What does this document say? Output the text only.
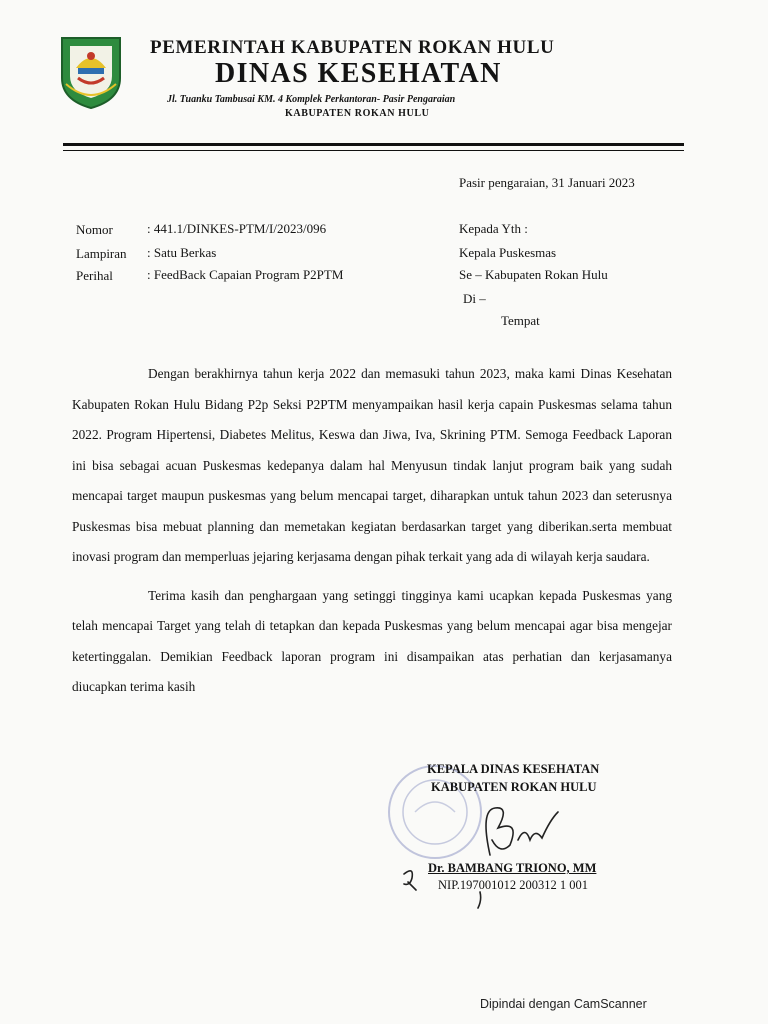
PEMERINTAH KABUPATEN ROKAN HULU
DINAS KESEHATAN
Jl. Tuanku Tambusai KM. 4 Komplek Perkantoran- Pasir Pengaraian
KABUPATEN ROKAN HULU
Pasir pengaraian, 31 Januari 2023
Nomor	: 441.1/DINKES-PTM/I/2023/096
Lampiran : Satu Berkas
Perihal	: FeedBack Capaian Program P2PTM
Kepada Yth :
Kepala Puskesmas
Se – Kabupaten Rokan Hulu
Di –
Tempat

Dengan berakhirnya tahun kerja 2022 dan memasuki tahun 2023, maka kami Dinas Kesehatan Kabupaten Rokan Hulu Bidang P2p Seksi P2PTM menyampaikan hasil kerja capain Puskesmas selama tahun 2022. Program Hipertensi, Diabetes Melitus, Keswa dan Jiwa, Iva, Skrining PTM. Semoga Feedback Laporan ini bisa sebagai acuan Puskesmas kedepanya dalam hal Menyusun tindak lanjut program baik yang sudah mencapai target maupun puskesmas yang belum mencapai target, diharapkan untuk tahun 2023 dan seterusnya Puskesmas bisa mebuat planning dan memetakan kegiatan berdasarkan target yang diberikan.serta membuat inovasi program dan memperluas jejaring kerjasama dengan pihak terkait yang ada di wilayah kerja saudara.

Terima kasih dan penghargaan yang setinggi tingginya kami ucapkan kepada Puskesmas yang telah mencapai Target yang telah di tetapkan dan kepada Puskesmas yang belum mencapai agar bisa mengejar ketertinggalan. Demikian Feedback laporan program ini disampaikan atas perhatian dan kerjasamanya diucapkan terima kasih

KEPALA DINAS KESEHATAN
KABUPATEN ROKAN HULU
Dr. BAMBANG TRIONO, MM
NIP.197001012 200312 1 001
Dipindai dengan CamScanner
